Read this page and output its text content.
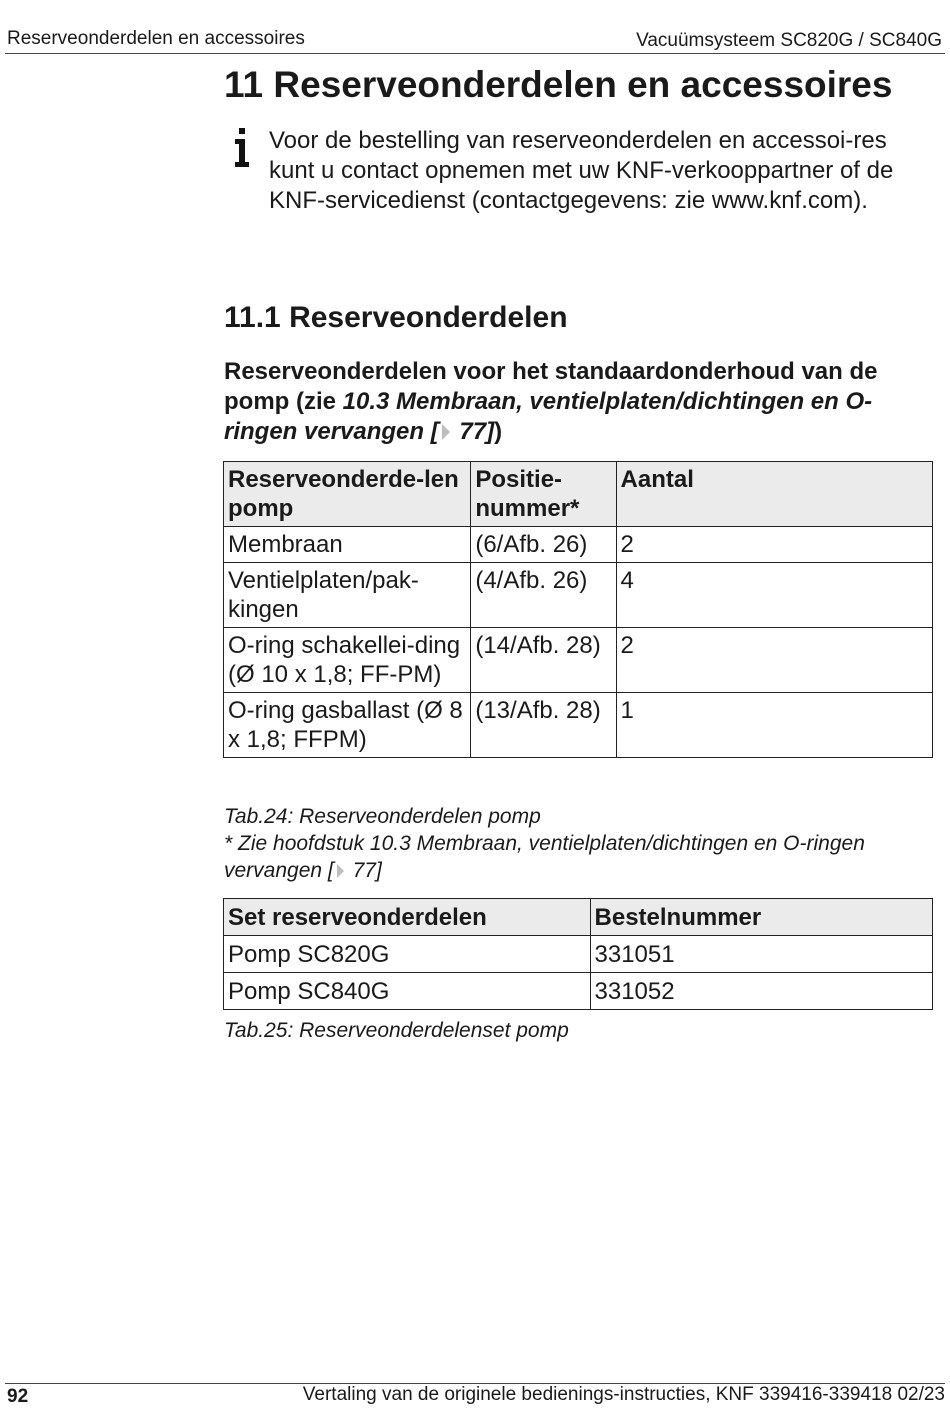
Reserveonderdelen en accessoires	Vacuümsysteem SC820G / SC840G
11 Reserveonderdelen en accessoires

Voor de bestelling van reserveonderdelen en accessoi-res kunt u contact opnemen met uw KNF-verkooppartner of de KNF-servicedienst (contactgegevens: zie www.knf.com).

11.1 Reserveonderdelen

Reserveonderdelen voor het standaardonderhoud van de pomp (zie 10.3 Membraan, ventielplaten/dichtingen en O-ringen vervangen [ 77])

Reserveonderde-len pomp	Positie-nummer*	Aantal
Membraan	(6/Afb. 26)	2
Ventielplaten/pak-kingen	(4/Afb. 26)	4
O-ring schakellei-ding (Ø 10 x 1,8; FF-PM)	(14/Afb. 28)	2
O-ring gasballast (Ø 8 x 1,8; FFPM)	(13/Afb. 28)	1

Tab.24: Reserveonderdelen pomp

* Zie hoofdstuk 10.3 Membraan, ventielplaten/dichtingen en O-ringen vervangen [ 77]

Set reserveonderdelen	Bestelnummer
Pomp SC820G	331051
Pomp SC840G	331052

Tab.25: Reserveonderdelenset pomp

92	Vertaling van de originele bedienings-instructies, KNF 339416-339418 02/23
